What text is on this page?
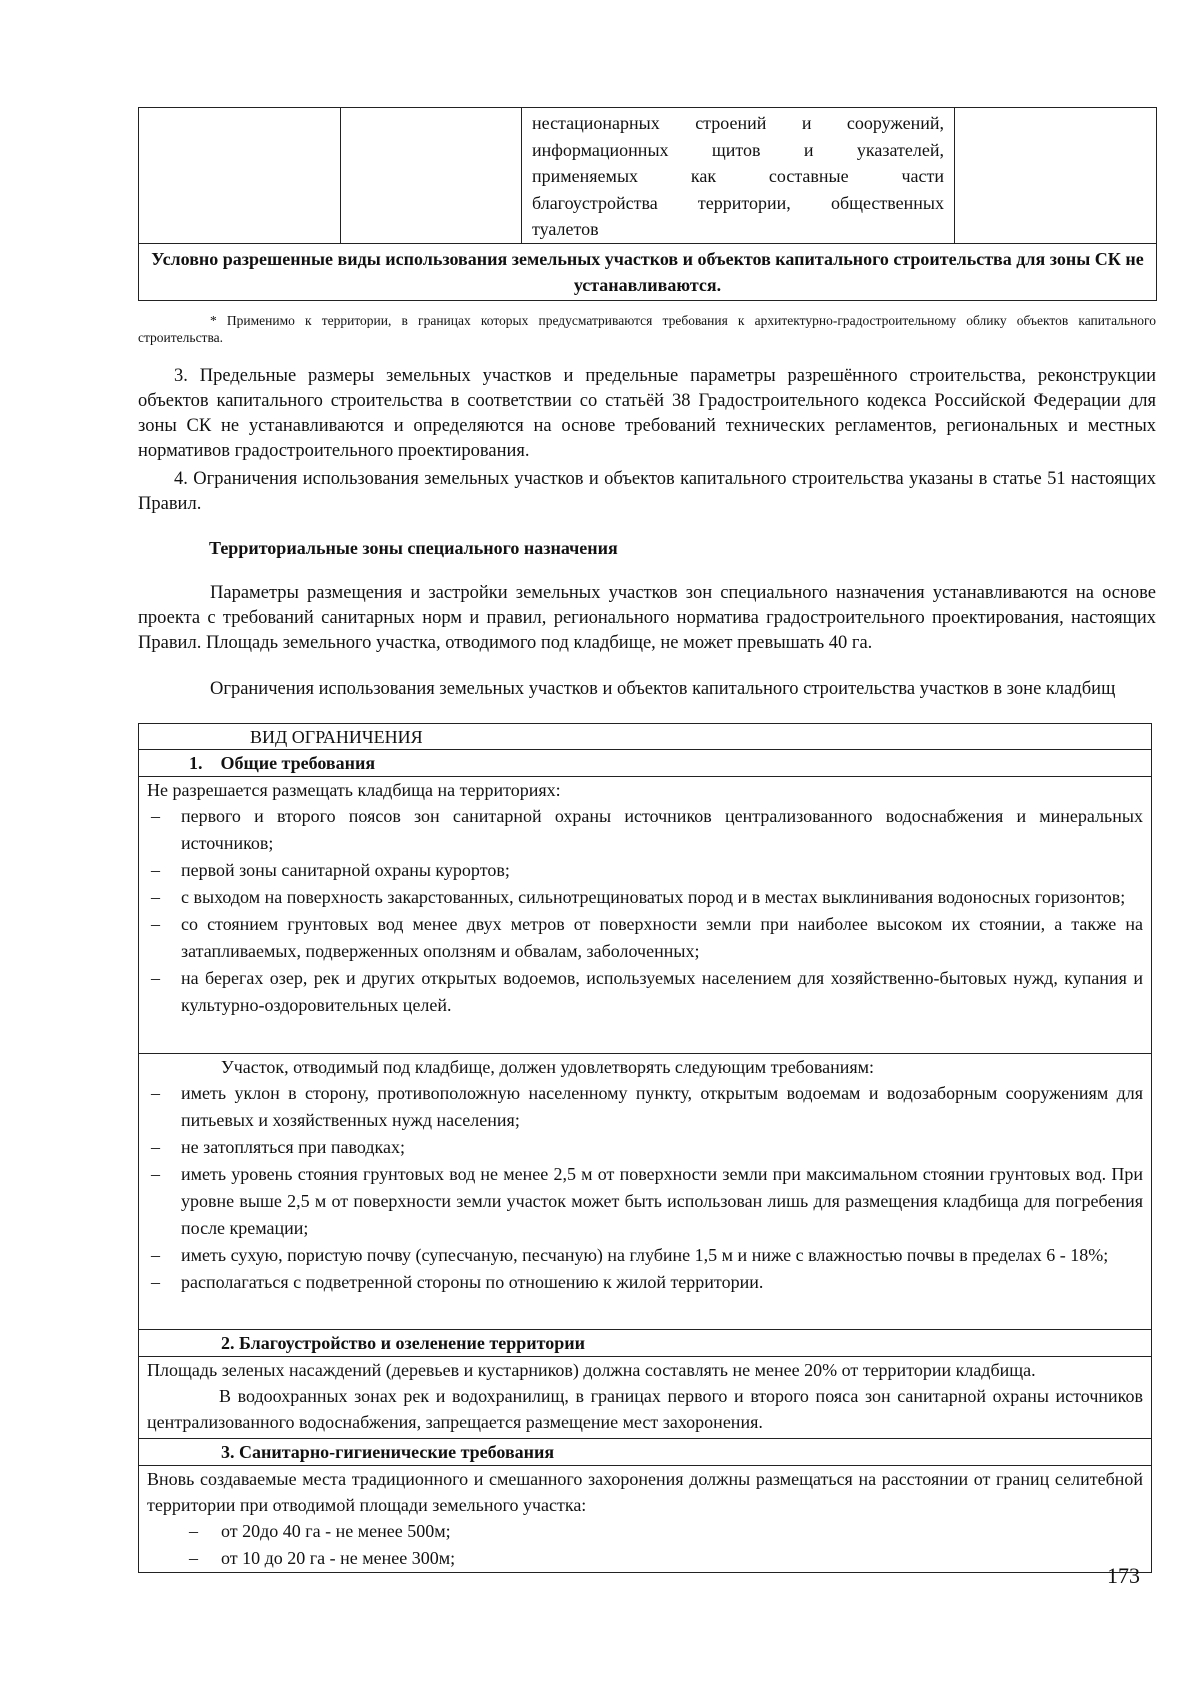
нестационарных строений и сооружений,
информационных щитов и указателей,
применяемых как составные части
благоустройства территории, общественных
туалетов

Условно разрешенные виды использования земельных участков и объектов капитального строительства для зоны СК не устанавливаются.
* Применимо к территории, в границах которых предусматриваются требования к архитектурно-градостроительному облику объектов капитального строительства.
3. Предельные размеры земельных участков и предельные параметры разрешённого строительства, реконструкции объектов капитального строительства в соответствии со статьёй 38 Градостроительного кодекса Российской Федерации для зоны СК не устанавливаются и определяются на основе требований технических регламентов, региональных и местных нормативов градостроительного проектирования.
4. Ограничения использования земельных участков и объектов капитального строительства указаны в статье 51 настоящих Правил.
Территориальные зоны специального назначения
Параметры размещения и застройки земельных участков зон специального назначения устанавливаются на основе проекта с требований санитарных норм и правил, регионального норматива градостроительного проектирования, настоящих Правил. Площадь земельного участка, отводимого под кладбище, не может превышать 40 га.
Ограничения использования земельных участков и объектов капитального строительства участков в зоне кладбищ
ВИД ОГРАНИЧЕНИЯ
1. Общие требования
Не разрешается размещать кладбища на территориях:
– первого и второго поясов зон санитарной охраны источников централизованного водоснабжения и минеральных источников;
– первой зоны санитарной охраны курортов;
– с выходом на поверхность закарстованных, сильнотрещиноватых пород и в местах выклинивания водоносных горизонтов;
– со стоянием грунтовых вод менее двух метров от поверхности земли при наиболее высоком их стоянии, а также на затапливаемых, подверженных оползням и обвалам, заболоченных;
– на берегах озер, рек и других открытых водоемов, используемых населением для хозяйственно-бытовых нужд, купания и культурно-оздоровительных целей.
Участок, отводимый под кладбище, должен удовлетворять следующим требованиям:
– иметь уклон в сторону, противоположную населенному пункту, открытым водоемам и водозаборным сооружениям для питьевых и хозяйственных нужд населения;
– не затопляться при паводках;
– иметь уровень стояния грунтовых вод не менее 2,5 м от поверхности земли при максимальном стоянии грунтовых вод. При уровне выше 2,5 м от поверхности земли участок может быть использован лишь для размещения кладбища для погребения после кремации;
– иметь сухую, пористую почву (супесчаную, песчаную) на глубине 1,5 м и ниже с влажностью почвы в пределах 6 - 18%;
– располагаться с подветренной стороны по отношению к жилой территории.
2. Благоустройство и озеленение территории
Площадь зеленых насаждений (деревьев и кустарников) должна составлять не менее 20% от территории кладбища.
В водоохранных зонах рек и водохранилищ, в границах первого и второго пояса зон санитарной охраны источников централизованного водоснабжения, запрещается размещение мест захоронения.
3. Санитарно-гигиенические требования
Вновь создаваемые места традиционного и смешанного захоронения должны размещаться на расстоянии от границ селитебной территории при отводимой площади земельного участка:
– от 20до 40 га - не менее 500м;
– от 10 до 20 га - не менее 300м;
173
